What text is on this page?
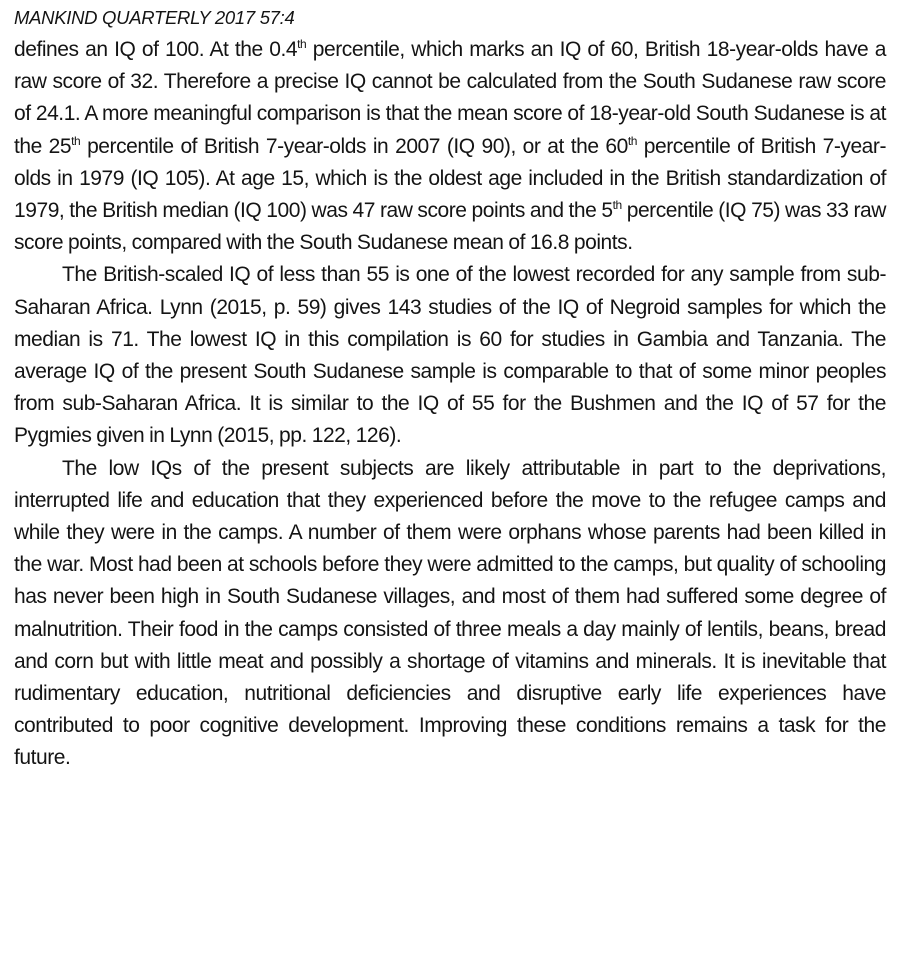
MANKIND QUARTERLY 2017 57:4

defines an IQ of 100. At the 0.4th percentile, which marks an IQ of 60, British 18-year-olds have a raw score of 32. Therefore a precise IQ cannot be calculated from the South Sudanese raw score of 24.1. A more meaningful comparison is that the mean score of 18-year-old South Sudanese is at the 25th percentile of British 7-year-olds in 2007 (IQ 90), or at the 60th percentile of British 7-year-olds in 1979 (IQ 105). At age 15, which is the oldest age included in the British standardization of 1979, the British median (IQ 100) was 47 raw score points and the 5th percentile (IQ 75) was 33 raw score points, compared with the South Sudanese mean of 16.8 points.

The British-scaled IQ of less than 55 is one of the lowest recorded for any sample from sub-Saharan Africa. Lynn (2015, p. 59) gives 143 studies of the IQ of Negroid samples for which the median is 71. The lowest IQ in this compilation is 60 for studies in Gambia and Tanzania. The average IQ of the present South Sudanese sample is comparable to that of some minor peoples from sub-Saharan Africa. It is similar to the IQ of 55 for the Bushmen and the IQ of 57 for the Pygmies given in Lynn (2015, pp. 122, 126).

The low IQs of the present subjects are likely attributable in part to the deprivations, interrupted life and education that they experienced before the move to the refugee camps and while they were in the camps. A number of them were orphans whose parents had been killed in the war. Most had been at schools before they were admitted to the camps, but quality of schooling has never been high in South Sudanese villages, and most of them had suffered some degree of malnutrition. Their food in the camps consisted of three meals a day mainly of lentils, beans, bread and corn but with little meat and possibly a shortage of vitamins and minerals. It is inevitable that rudimentary education, nutritional deficiencies and disruptive early life experiences have contributed to poor cognitive development. Improving these conditions remains a task for the future.
